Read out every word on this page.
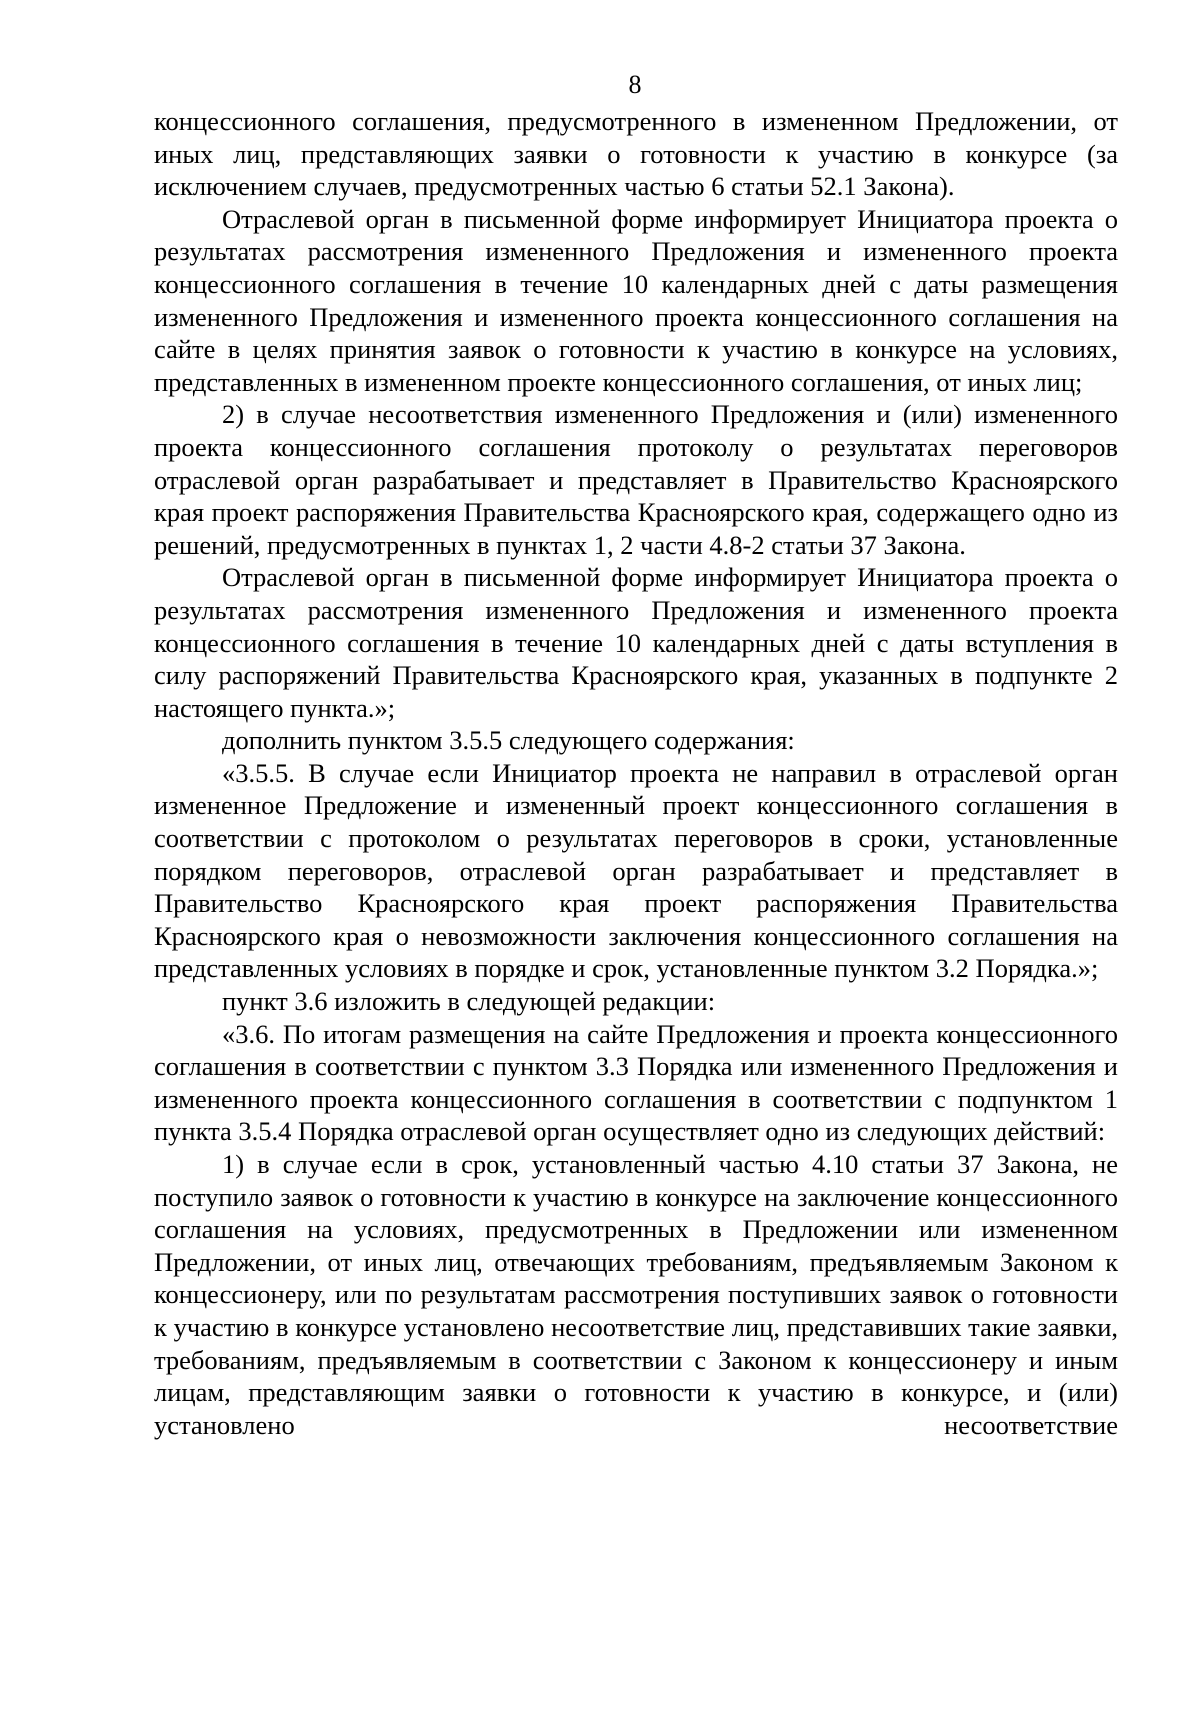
8

концессионного соглашения, предусмотренного в измененном Предложении, от иных лиц, представляющих заявки о готовности к участию в конкурсе (за исключением случаев, предусмотренных частью 6 статьи 52.1 Закона).

Отраслевой орган в письменной форме информирует Инициатора проекта о результатах рассмотрения измененного Предложения и измененного проекта концессионного соглашения в течение 10 календарных дней с даты размещения измененного Предложения и измененного проекта концессионного соглашения на сайте в целях принятия заявок о готовности к участию в конкурсе на условиях, представленных в измененном проекте концессионного соглашения, от иных лиц;

2) в случае несоответствия измененного Предложения и (или) измененного проекта концессионного соглашения протоколу о результатах переговоров отраслевой орган разрабатывает и представляет в Правительство Красноярского края проект распоряжения Правительства Красноярского края, содержащего одно из решений, предусмотренных в пунктах 1, 2 части 4.8-2 статьи 37 Закона.

Отраслевой орган в письменной форме информирует Инициатора проекта о результатах рассмотрения измененного Предложения и измененного проекта концессионного соглашения в течение 10 календарных дней с даты вступления в силу распоряжений Правительства Красноярского края, указанных в подпункте 2 настоящего пункта.»;

дополнить пунктом 3.5.5 следующего содержания:

«3.5.5. В случае если Инициатор проекта не направил в отраслевой орган измененное Предложение и измененный проект концессионного соглашения в соответствии с протоколом о результатах переговоров в сроки, установленные порядком переговоров, отраслевой орган разрабатывает и представляет в Правительство Красноярского края проект распоряжения Правительства Красноярского края о невозможности заключения концессионного соглашения на представленных условиях в порядке и срок, установленные пунктом 3.2 Порядка.»;

пункт 3.6 изложить в следующей редакции:

«3.6. По итогам размещения на сайте Предложения и проекта концессионного соглашения в соответствии с пунктом 3.3 Порядка или измененного Предложения и измененного проекта концессионного соглашения в соответствии с подпунктом 1 пункта 3.5.4 Порядка отраслевой орган осуществляет одно из следующих действий:

1) в случае если в срок, установленный частью 4.10 статьи 37 Закона, не поступило заявок о готовности к участию в конкурсе на заключение концессионного соглашения на условиях, предусмотренных в Предложении или измененном Предложении, от иных лиц, отвечающих требованиям, предъявляемым Законом к концессионеру, или по результатам рассмотрения поступивших заявок о готовности к участию в конкурсе установлено несоответствие лиц, представивших такие заявки, требованиям, предъявляемым в соответствии с Законом к концессионеру и иным лицам, представляющим заявки о готовности к участию в конкурсе, и (или) установлено несоответствие
